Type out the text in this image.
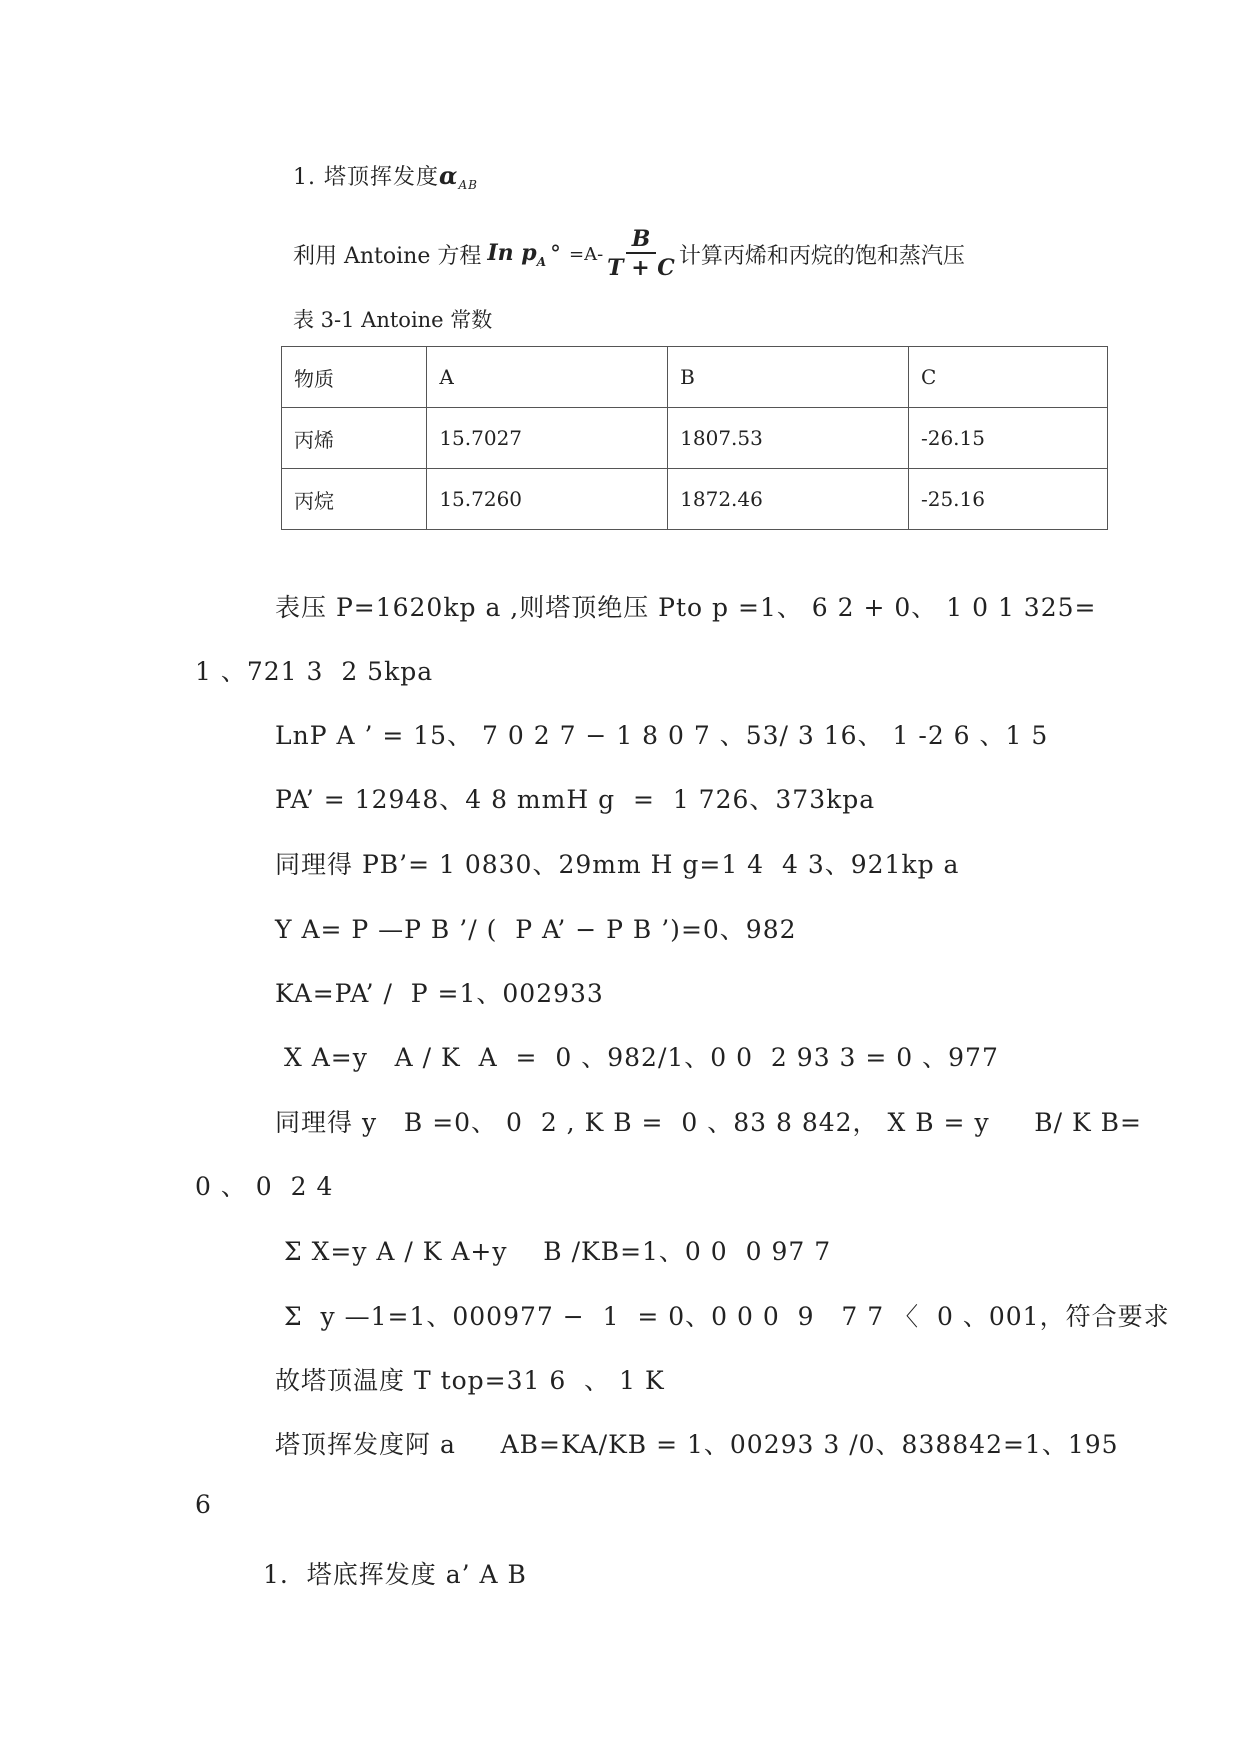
1. 塔顶挥发度$\alpha_{AB}$
利用 Antoine 方程 In $p_A$ ° $=A- \frac{B}{T + C}$ 计算丙烯和丙烷的饱和蒸汽压
表 3-1 Antoine 常数
物质	A	B	C
丙烯	15.7027	1807.53	-26.15
丙烷	15.7260	1872.46	-25.16
表压 P=1620kp a ,则塔顶绝压 Pto p =1、 6 2 + 0、 1 0 1 325=
1 、721 3  2 5kpa
LnP A ’ = 15、 7 0 2 7 − 1 8 0 7 、53/ 3 16、 1 -2 6 、1 5
PA’ = 12948、4 8 mmH g  =  1 726、373kpa
同理得 PB’= 1 0830、29mm H g=1 4  4 3、921kp a
Y A= P —P B ’/ (  P A’ − P B ’)=0、982
KA=PA’ /  P =1、002933
X A=y   A / K  A  =  0 、982/1、0 0  2 93 3 = 0 、977
同理得 y   B =0、 0  2 , K B =  0 、83 8 842， X B = y     B/ K B=
0 、 0  2 4
Σ X=y A / K A+y    B /KB=1、0 0  0 97 7
Σ  y —1=1、000977 −  1  = 0、0 0 0  9   7 7 〈  0 、001，符合要求
故塔顶温度 T top=31 6  、 1 K
塔顶挥发度阿 a     AB=KA/KB = 1、00293 3 /0、838842=1、195
6
1.  塔底挥发度 a’ A B
